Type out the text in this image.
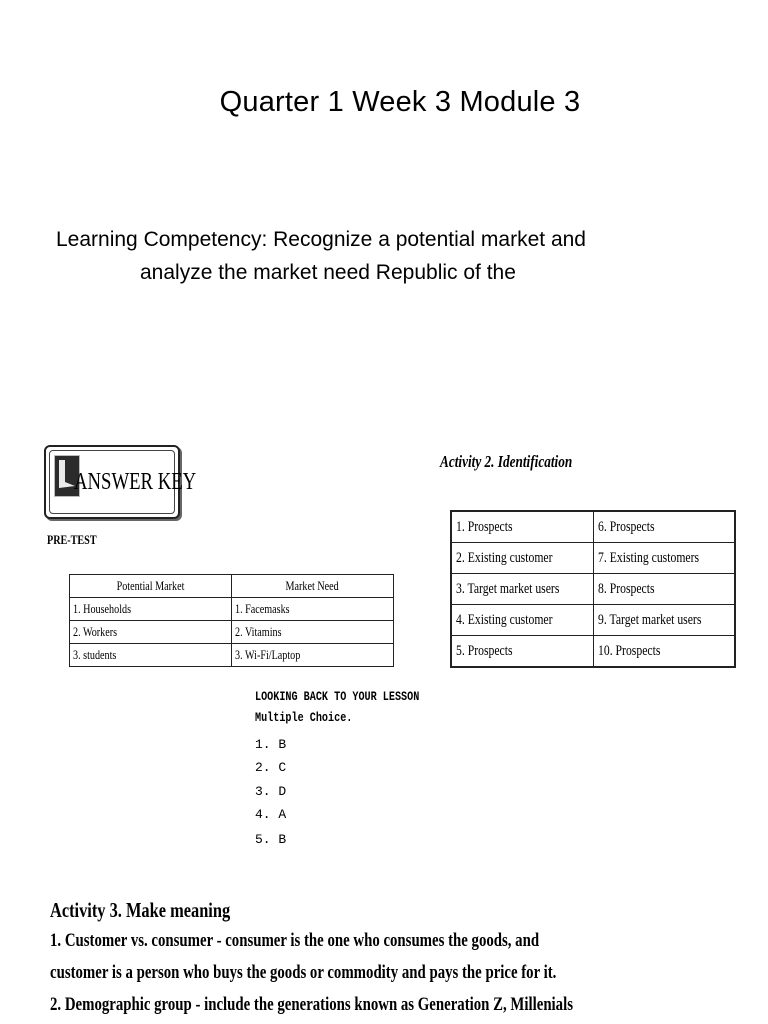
Quarter 1 Week 3 Module 3
Learning Competency: Recognize a potential market and
analyze the market need Republic of the
ANSWER KEY
PRE-TEST
Potential Market	Market Need
1. Households	1. Facemasks
2. Workers	2. Vitamins
3. students	3. Wi-Fi/Laptop
Activity 2. Identification
1. Prospects	6. Prospects
2. Existing customer	7. Existing customers
3. Target market users	8. Prospects
4. Existing customer	9. Target market users
5. Prospects	10. Prospects
LOOKING BACK TO YOUR LESSON
Multiple Choice.
1. B
2. C
3. D
4. A
5. B
Activity 3. Make meaning
1. Customer vs. consumer - consumer is the one who consumes the goods, and
customer is a person who buys the goods or commodity and pays the price for it.
2. Demographic group - include the generations known as Generation Z, Millenials
